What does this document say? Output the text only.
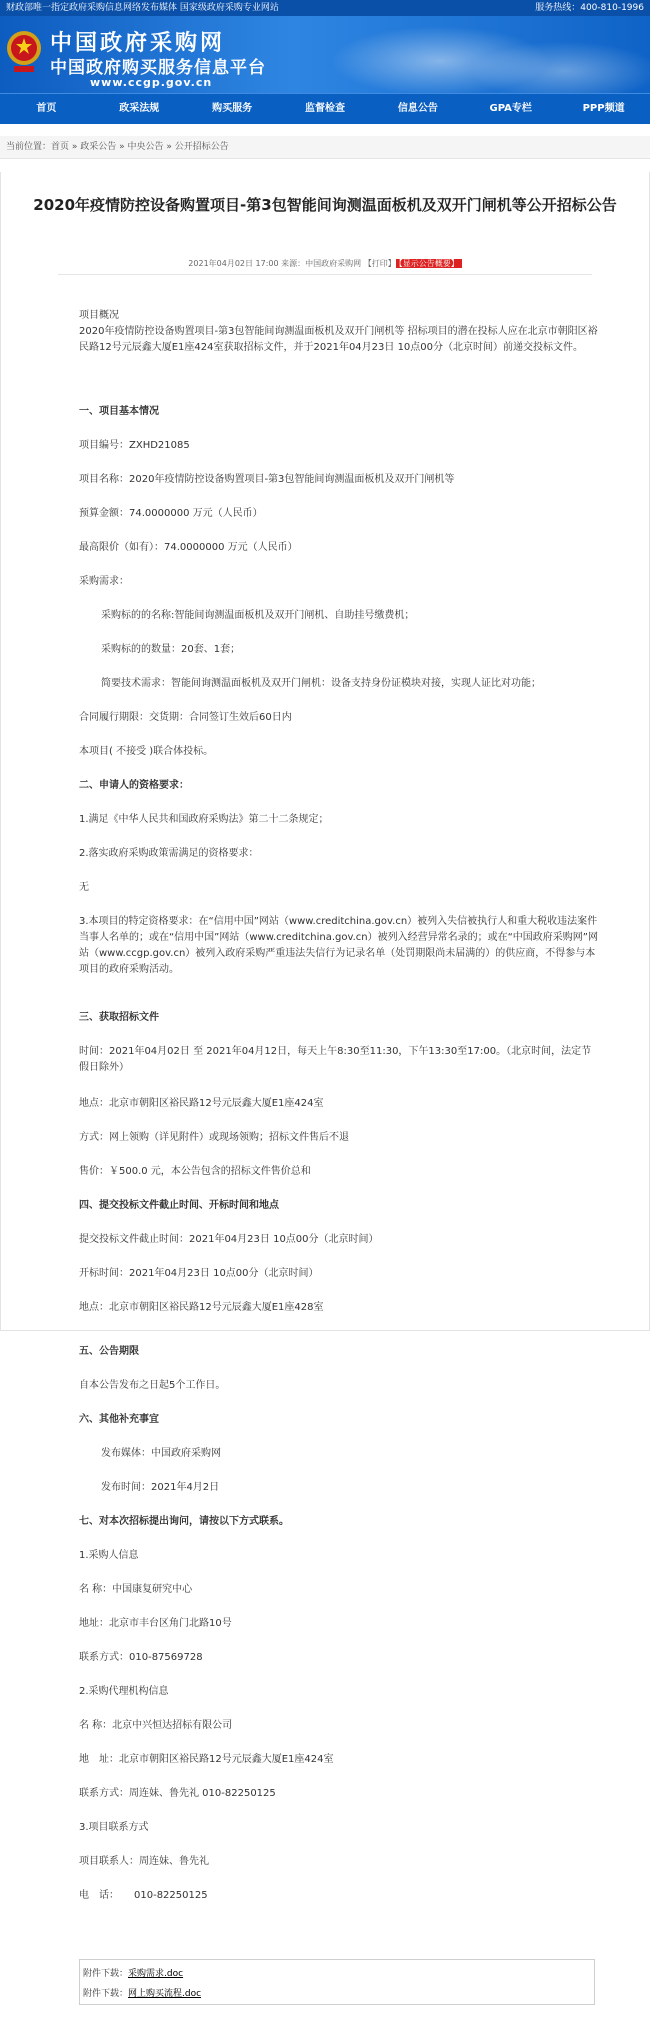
财政部唯一指定政府采购信息网络发布媒体 国家级政府采购专业网站	服务热线：400-810-1996
中国政府采购网
中国政府购买服务信息平台
www.ccgp.gov.cn
首页	政采法规	购买服务	监督检查	信息公告	GPA专栏	PPP频道
当前位置：首页 » 政采公告 » 中央公告 » 公开招标公告
2020年疫情防控设备购置项目-第3包智能间询测温面板机及双开门闸机等公开招标公告
2021年04月02日 17:00 来源：中国政府采购网 【打印】 【显示公告概要】
项目概况
2020年疫情防控设备购置项目-第3包智能间询测温面板机及双开门闸机等 招标项目的潜在投标人应在北京市朝阳区裕民路12号元辰鑫大厦E1座424室获取招标文件，并于2021年04月23日 10点00分（北京时间）前递交投标文件。
一、项目基本情况
项目编号：ZXHD21085
项目名称：2020年疫情防控设备购置项目-第3包智能间询测温面板机及双开门闸机等
预算金额：74.0000000 万元（人民币）
最高限价（如有）：74.0000000 万元（人民币）
采购需求：
采购标的的名称:智能间询测温面板机及双开门闸机、自助挂号缴费机；
采购标的的数量：20套、1套；
简要技术需求：智能间询测温面板机及双开门闸机：设备支持身份证模块对接，实现人证比对功能；
合同履行期限：交货期：合同签订生效后60日内
本项目( 不接受 )联合体投标。
二、申请人的资格要求：
1.满足《中华人民共和国政府采购法》第二十二条规定；
2.落实政府采购政策需满足的资格要求：
无
3.本项目的特定资格要求：在“信用中国”网站（www.creditchina.gov.cn）被列入失信被执行人和重大税收违法案件当事人名单的；或在“信用中国”网站（www.creditchina.gov.cn）被列入经营异常名录的；或在“中国政府采购网”网站（www.ccgp.gov.cn）被列入政府采购严重违法失信行为记录名单（处罚期限尚未届满的）的供应商，不得参与本项目的政府采购活动。
三、获取招标文件
时间：2021年04月02日 至 2021年04月12日，每天上午8:30至11:30，下午13:30至17:00。（北京时间，法定节假日除外）
地点：北京市朝阳区裕民路12号元辰鑫大厦E1座424室
方式：网上领购（详见附件）或现场领购；招标文件售后不退
售价：￥500.0 元，本公告包含的招标文件售价总和
四、提交投标文件截止时间、开标时间和地点
提交投标文件截止时间：2021年04月23日 10点00分（北京时间）
开标时间：2021年04月23日 10点00分（北京时间）
地点：北京市朝阳区裕民路12号元辰鑫大厦E1座428室
五、公告期限
自本公告发布之日起5个工作日。
六、其他补充事宜
发布媒体：中国政府采购网
发布时间：2021年4月2日
七、对本次招标提出询问，请按以下方式联系。
1.采购人信息
名 称：中国康复研究中心
地址：北京市丰台区角门北路10号
联系方式：010-87569728
2.采购代理机构信息
名 称：北京中兴恒达招标有限公司
地　址：北京市朝阳区裕民路12号元辰鑫大厦E1座424室
联系方式：周连妹、鲁先礼 010-82250125
3.项目联系方式
项目联系人：周连妹、鲁先礼
电　话：　　010-82250125
附件下载：采购需求.doc
附件下载：网上购买流程.doc
